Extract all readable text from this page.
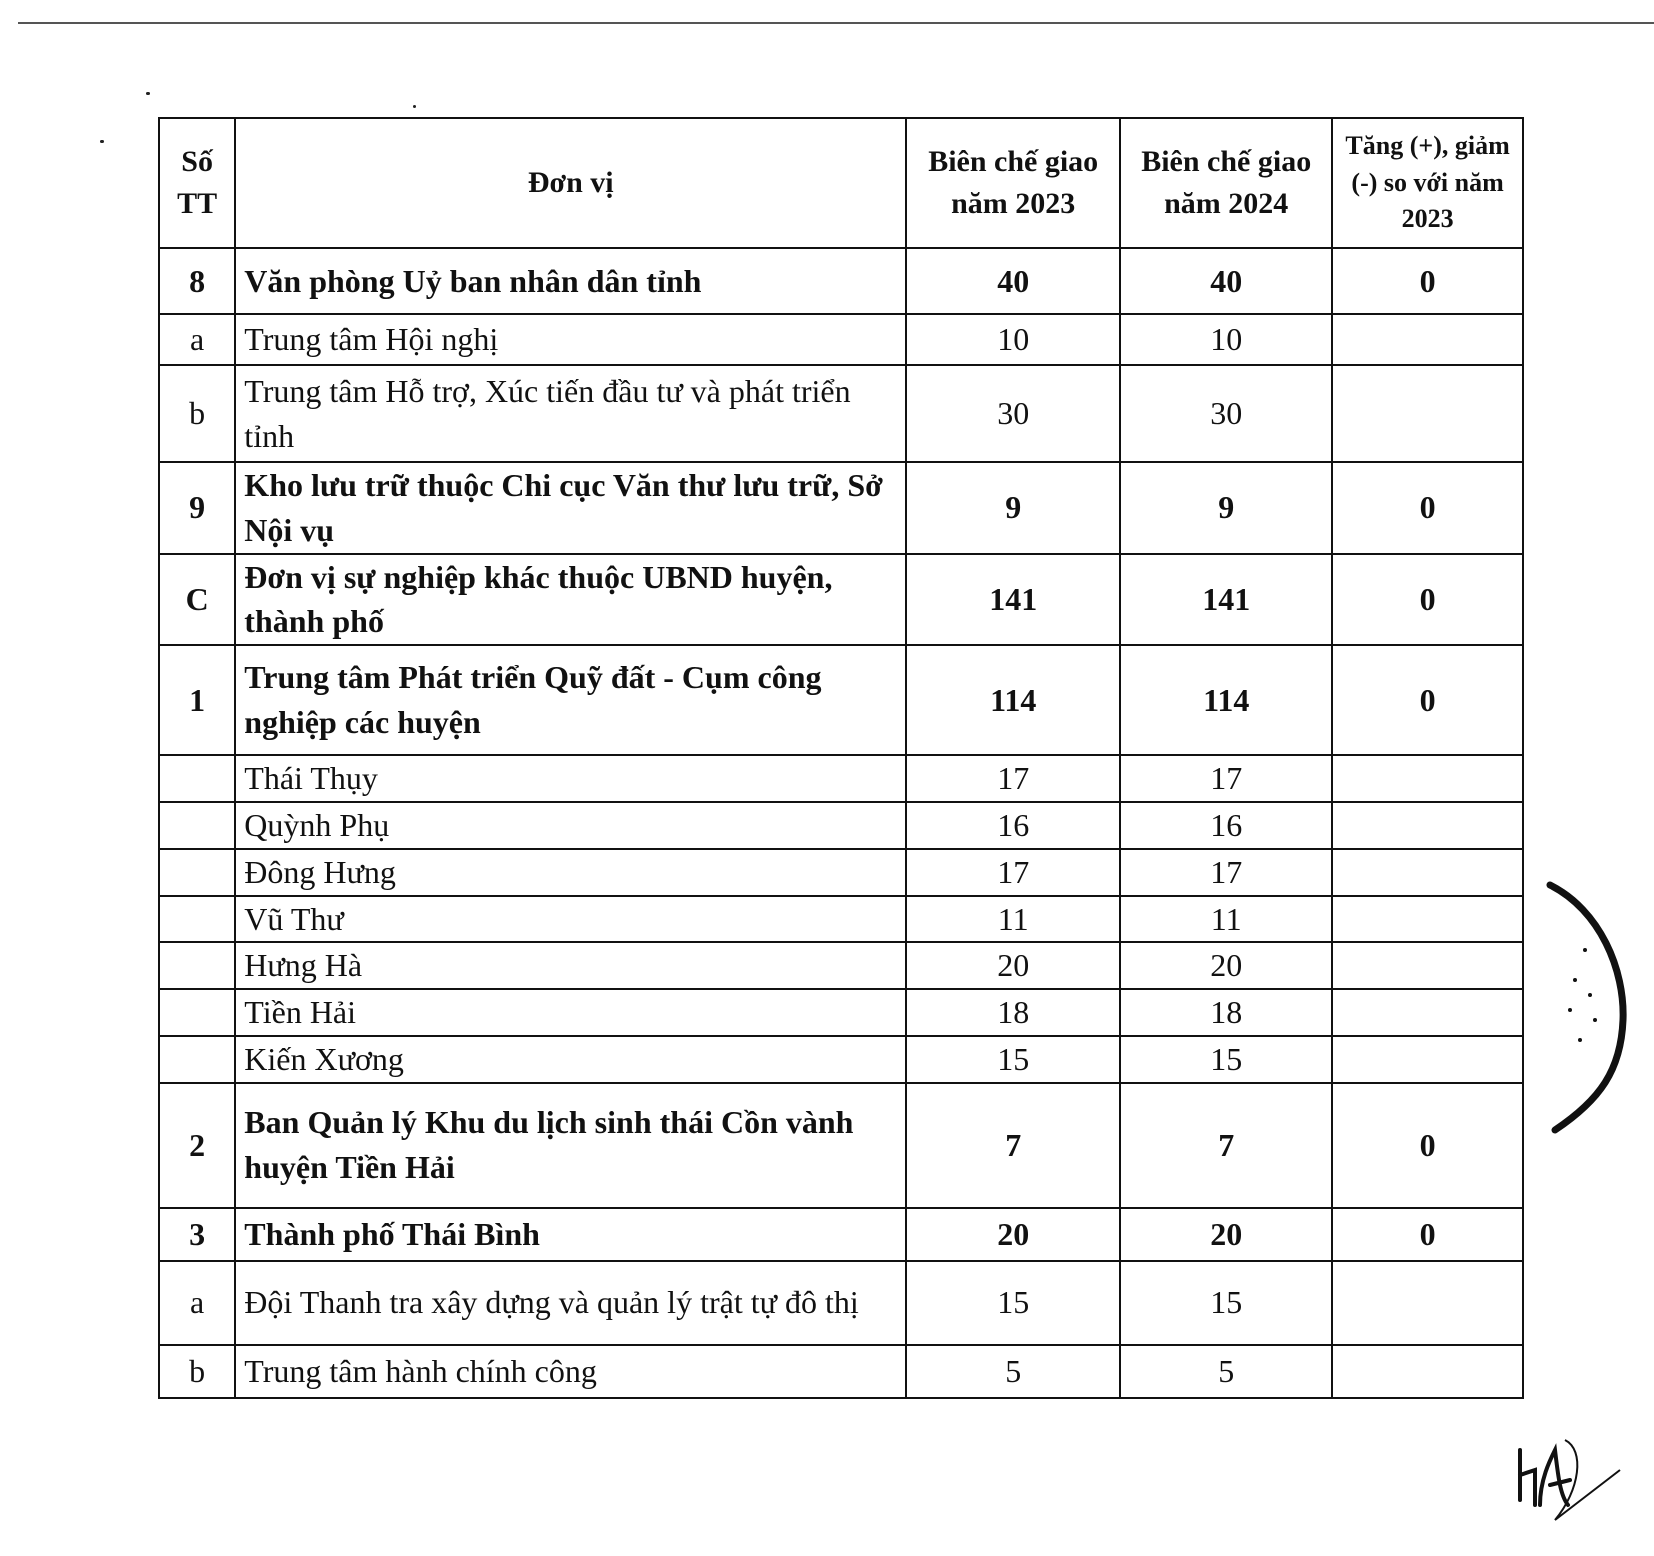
Số TT	Đơn vị	Biên chế giao năm 2023	Biên chế giao năm 2024	Tăng (+), giảm (-) so với năm 2023
8	Văn phòng Uỷ ban nhân dân tỉnh	40	40	0
a	Trung tâm Hội nghị	10	10	
b	Trung tâm Hỗ trợ, Xúc tiến đầu tư và phát triển tỉnh	30	30	
9	Kho lưu trữ thuộc Chi cục Văn thư lưu trữ, Sở Nội vụ	9	9	0
C	Đơn vị sự nghiệp khác thuộc UBND huyện, thành phố	141	141	0
1	Trung tâm Phát triển Quỹ đất - Cụm công nghiệp các huyện	114	114	0
	Thái Thụy	17	17	
	Quỳnh Phụ	16	16	
	Đông Hưng	17	17	
	Vũ Thư	11	11	
	Hưng Hà	20	20	
	Tiền Hải	18	18	
	Kiến Xương	15	15	
2	Ban Quản lý Khu du lịch sinh thái Cồn vành huyện Tiền Hải	7	7	0
3	Thành phố Thái Bình	20	20	0
a	Đội Thanh tra xây dựng và quản lý trật tự đô thị	15	15	
b	Trung tâm hành chính công	5	5	
